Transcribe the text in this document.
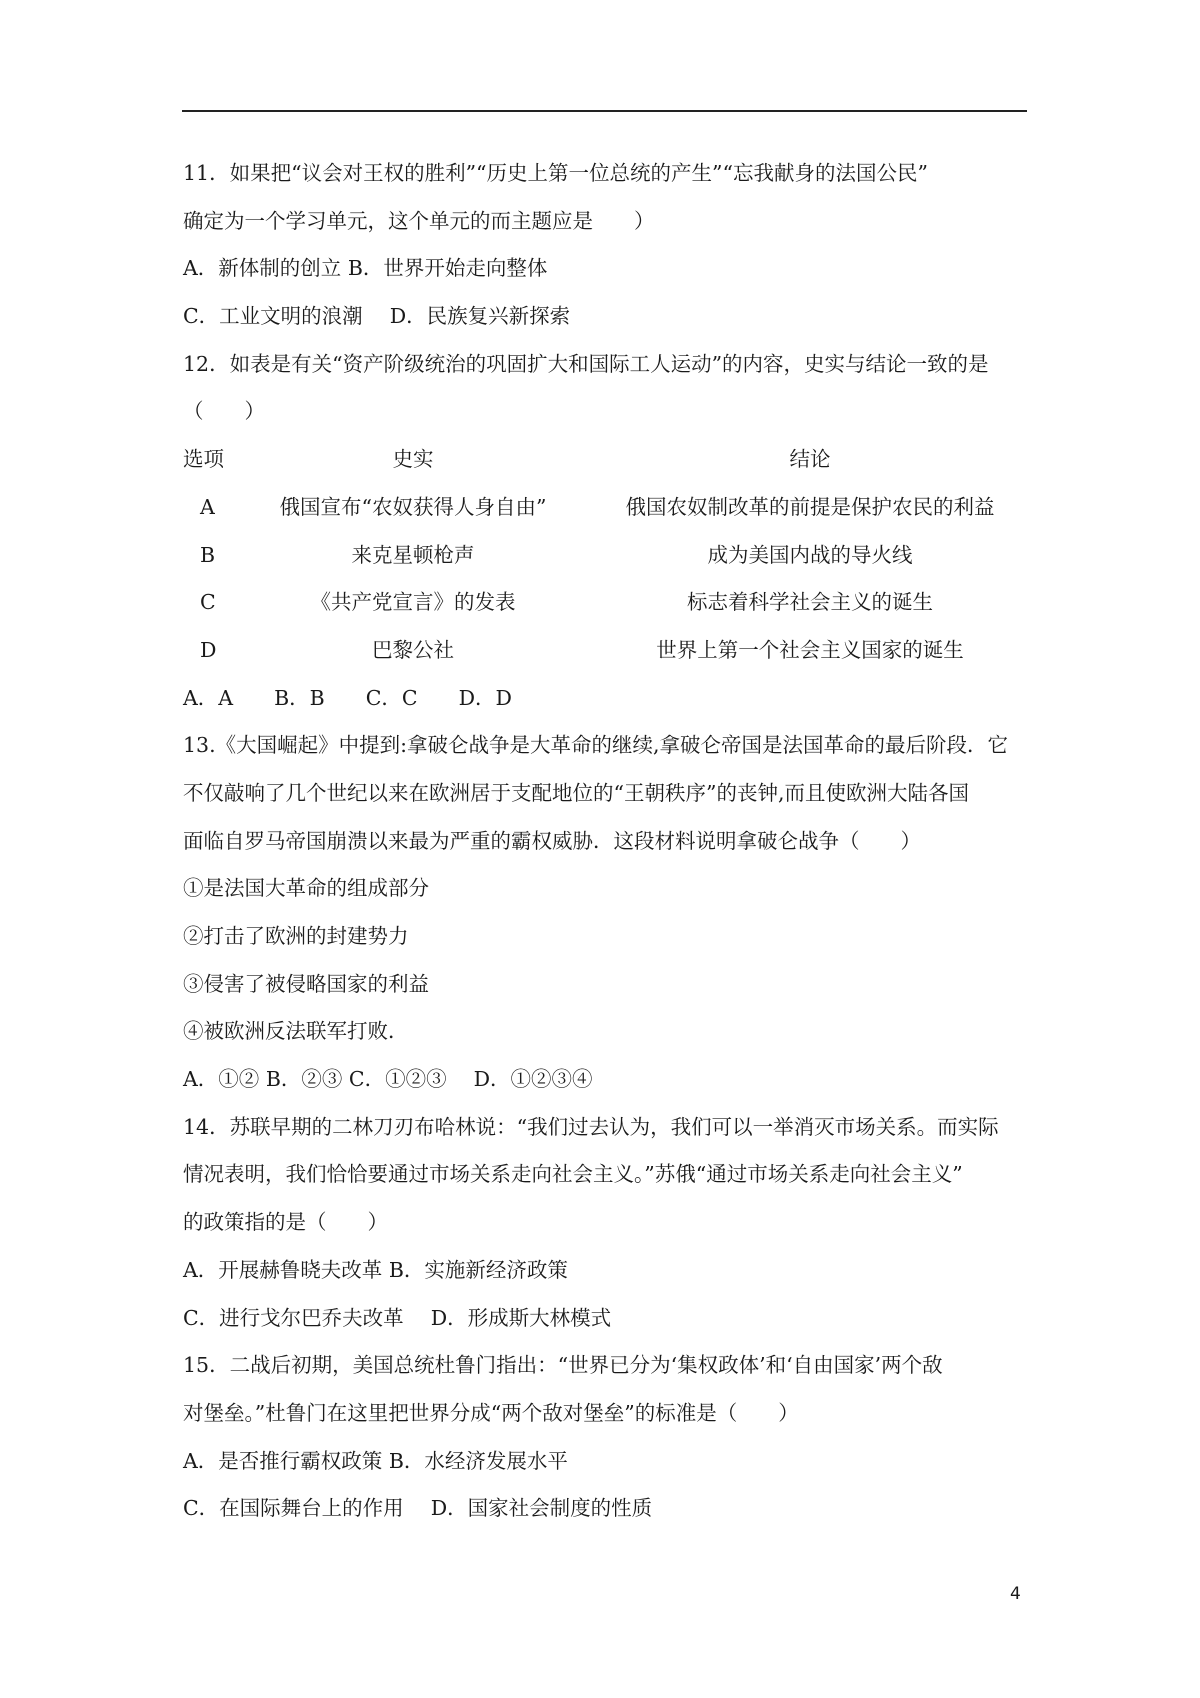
11．如果把“议会对王权的胜利”“历史上第一位总统的产生”“忘我献身的法国公民”
确定为一个学习单元，这个单元的而主题应是　　）
A．新体制的创立 B．世界开始走向整体
C．工业文明的浪潮　 D．民族复兴新探索
12．如表是有关“资产阶级统治的巩固扩大和国际工人运动”的内容，史实与结论一致的是
（　　）
选项	史实	结论
A	俄国宣布“农奴获得人身自由”	俄国农奴制改革的前提是保护农民的利益
B	来克星顿枪声	成为美国内战的导火线
C	《共产党宣言》的发表	标志着科学社会主义的诞生
D	巴黎公社	世界上第一个社会主义国家的诞生
A．A　　B．B　　C．C　　D．D
13.《大国崛起》中提到:拿破仑战争是大革命的继续,拿破仑帝国是法国革命的最后阶段．它
不仅敲响了几个世纪以来在欧洲居于支配地位的“王朝秩序”的丧钟,而且使欧洲大陆各国
面临自罗马帝国崩溃以来最为严重的霸权威胁．这段材料说明拿破仑战争（　　）
①是法国大革命的组成部分
②打击了欧洲的封建势力
③侵害了被侵略国家的利益
④被欧洲反法联军打败．
A．①② B．②③ C．①②③　 D．①②③④
14．苏联早期的二林刀刃布哈林说：“我们过去认为，我们可以一举消灭市场关系。而实际
情况表明，我们恰恰要通过市场关系走向社会主义。”苏俄“通过市场关系走向社会主义”
的政策指的是（　　）
A．开展赫鲁晓夫改革 B．实施新经济政策
C．进行戈尔巴乔夫改革　 D．形成斯大林模式
15．二战后初期，美国总统杜鲁门指出：“世界已分为‘集权政体’和‘自由国家’两个敌
对堡垒。”杜鲁门在这里把世界分成“两个敌对堡垒”的标准是（　　）
A．是否推行霸权政策 B．水经济发展水平
C．在国际舞台上的作用　 D．国家社会制度的性质
4
